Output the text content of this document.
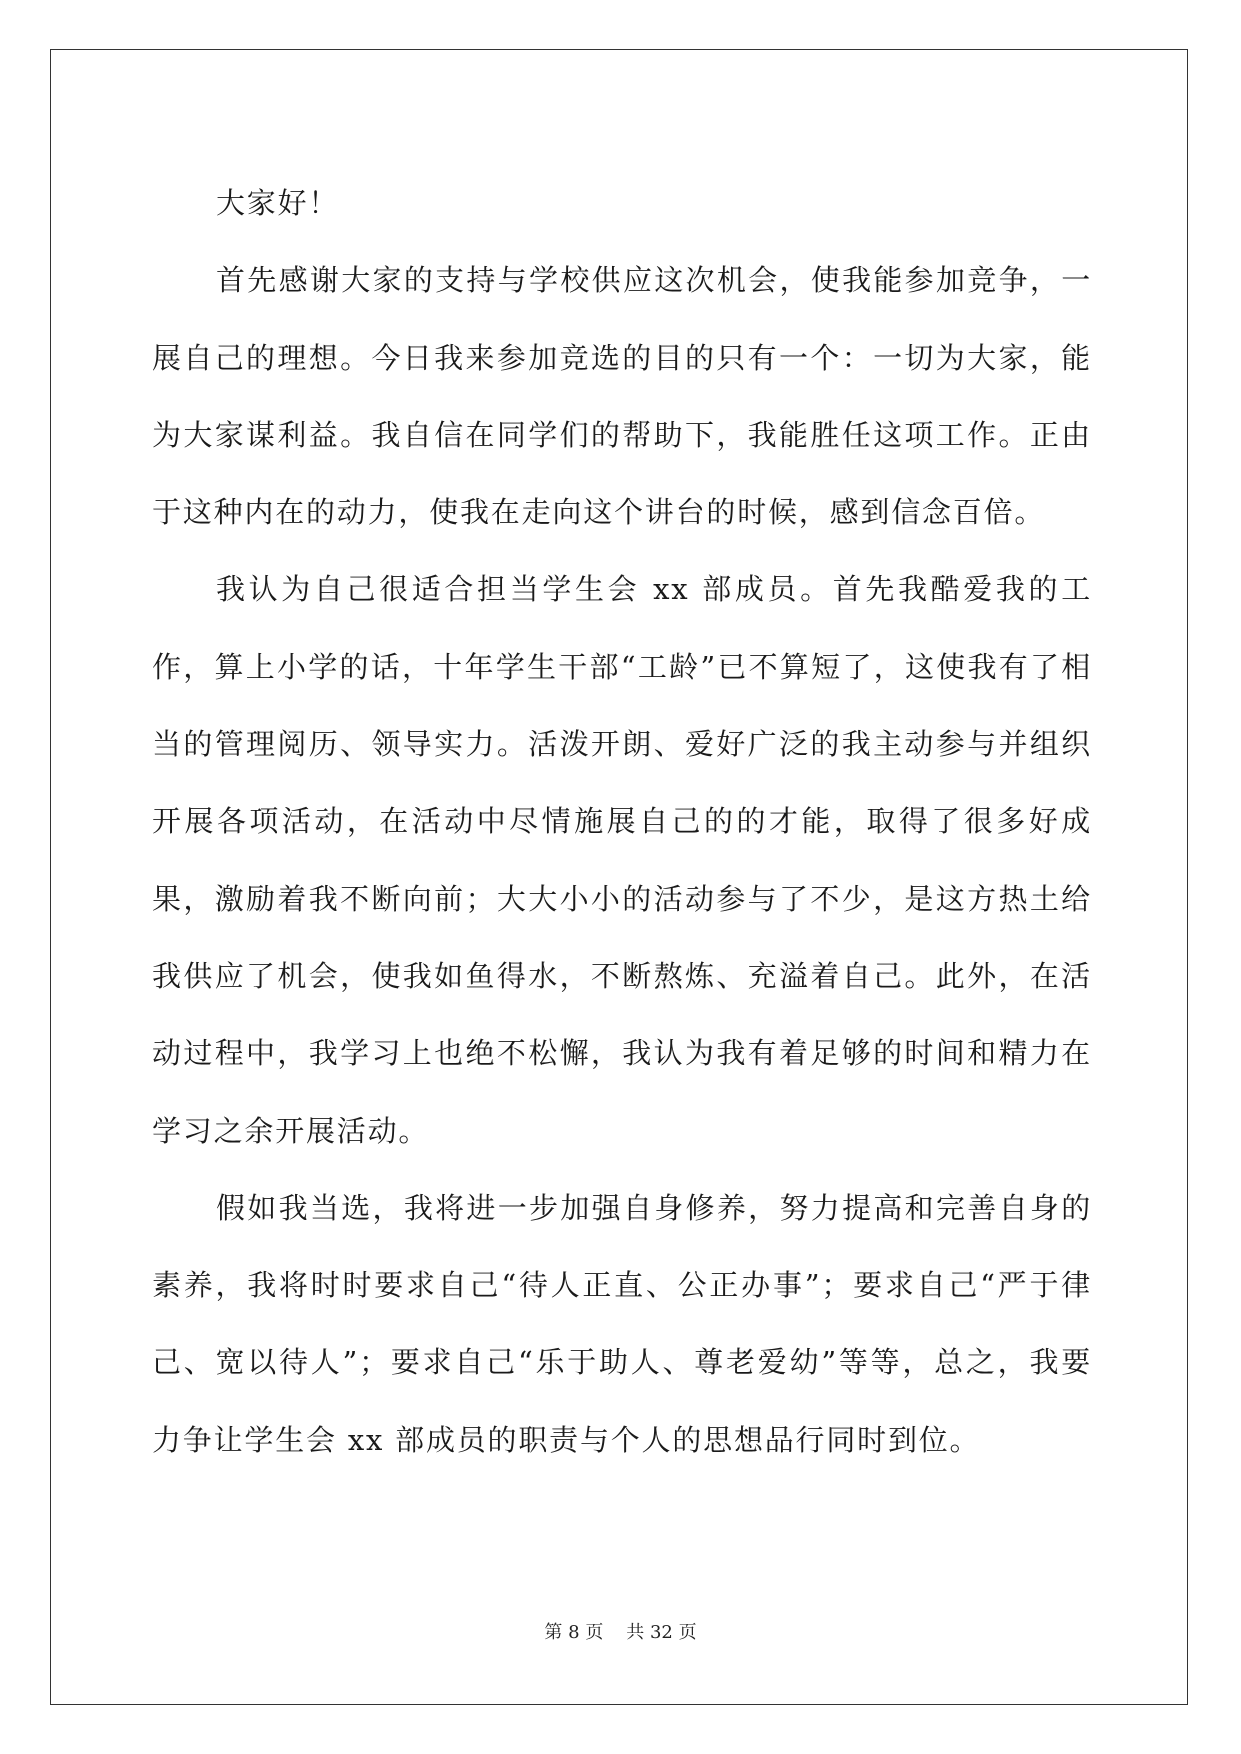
大家好！

首先感谢大家的支持与学校供应这次机会，使我能参加竞争，一展自己的理想。今日我来参加竞选的目的只有一个：一切为大家，能为大家谋利益。我自信在同学们的帮助下，我能胜任这项工作。正由于这种内在的动力，使我在走向这个讲台的时候，感到信念百倍。

我认为自己很适合担当学生会 xx 部成员。首先我酷爱我的工作，算上小学的话，十年学生干部“工龄”已不算短了，这使我有了相当的管理阅历、领导实力。活泼开朗、爱好广泛的我主动参与并组织开展各项活动，在活动中尽情施展自己的的才能，取得了很多好成果，激励着我不断向前；大大小小的活动参与了不少，是这方热土给我供应了机会，使我如鱼得水，不断熬炼、充溢着自己。此外，在活动过程中，我学习上也绝不松懈，我认为我有着足够的时间和精力在学习之余开展活动。

假如我当选，我将进一步加强自身修养，努力提高和完善自身的素养，我将时时要求自己“待人正直、公正办事”；要求自己“严于律己、宽以待人”；要求自己“乐于助人、尊老爱幼”等等，总之，我要力争让学生会 xx 部成员的职责与个人的思想品行同时到位。

第 8 页 共 32 页
